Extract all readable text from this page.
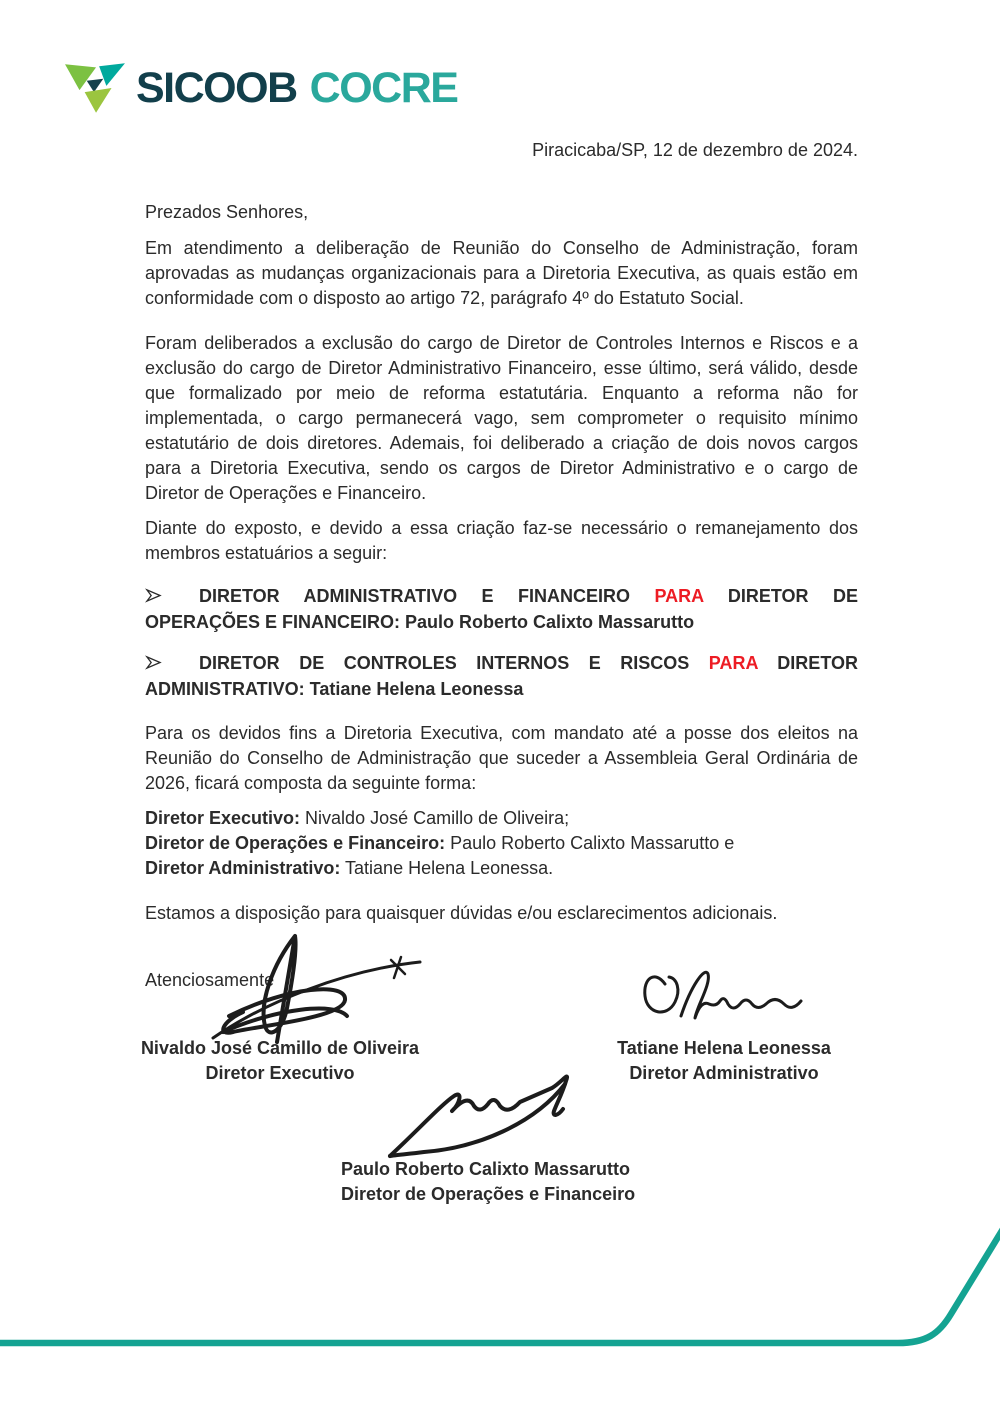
SICOOB COCRE

Piracicaba/SP, 12 de dezembro de 2024.

Prezados Senhores,

Em atendimento a deliberação de Reunião do Conselho de Administração, foram aprovadas as mudanças organizacionais para a Diretoria Executiva, as quais estão em conformidade com o disposto ao artigo 72, parágrafo 4º do Estatuto Social.

Foram deliberados a exclusão do cargo de Diretor de Controles Internos e Riscos e a exclusão do cargo de Diretor Administrativo Financeiro, esse último, será válido, desde que formalizado por meio de reforma estatutária. Enquanto a reforma não for implementada, o cargo permanecerá vago, sem comprometer o requisito mínimo estatutário de dois diretores. Ademais, foi deliberado a criação de dois novos cargos para a Diretoria Executiva, sendo os cargos de Diretor Administrativo e o cargo de Diretor de Operações e Financeiro.

Diante do exposto, e devido a essa criação faz-se necessário o remanejamento dos membros estatuários a seguir:

DIRETOR ADMINISTRATIVO E FINANCEIRO PARA DIRETOR DE OPERAÇÕES E FINANCEIRO: Paulo Roberto Calixto Massarutto

DIRETOR DE CONTROLES INTERNOS E RISCOS PARA DIRETOR ADMINISTRATIVO: Tatiane Helena Leonessa

Para os devidos fins a Diretoria Executiva, com mandato até a posse dos eleitos na Reunião do Conselho de Administração que suceder a Assembleia Geral Ordinária de 2026, ficará composta da seguinte forma:

Diretor Executivo: Nivaldo José Camillo de Oliveira;
Diretor de Operações e Financeiro: Paulo Roberto Calixto Massarutto e
Diretor Administrativo: Tatiane Helena Leonessa.

Estamos a disposição para quaisquer dúvidas e/ou esclarecimentos adicionais.

Atenciosamente

Nivaldo José Camillo de Oliveira
Diretor Executivo
Tatiane Helena Leonessa
Diretor Administrativo
Paulo Roberto Calixto Massarutto
Diretor de Operações e Financeiro
